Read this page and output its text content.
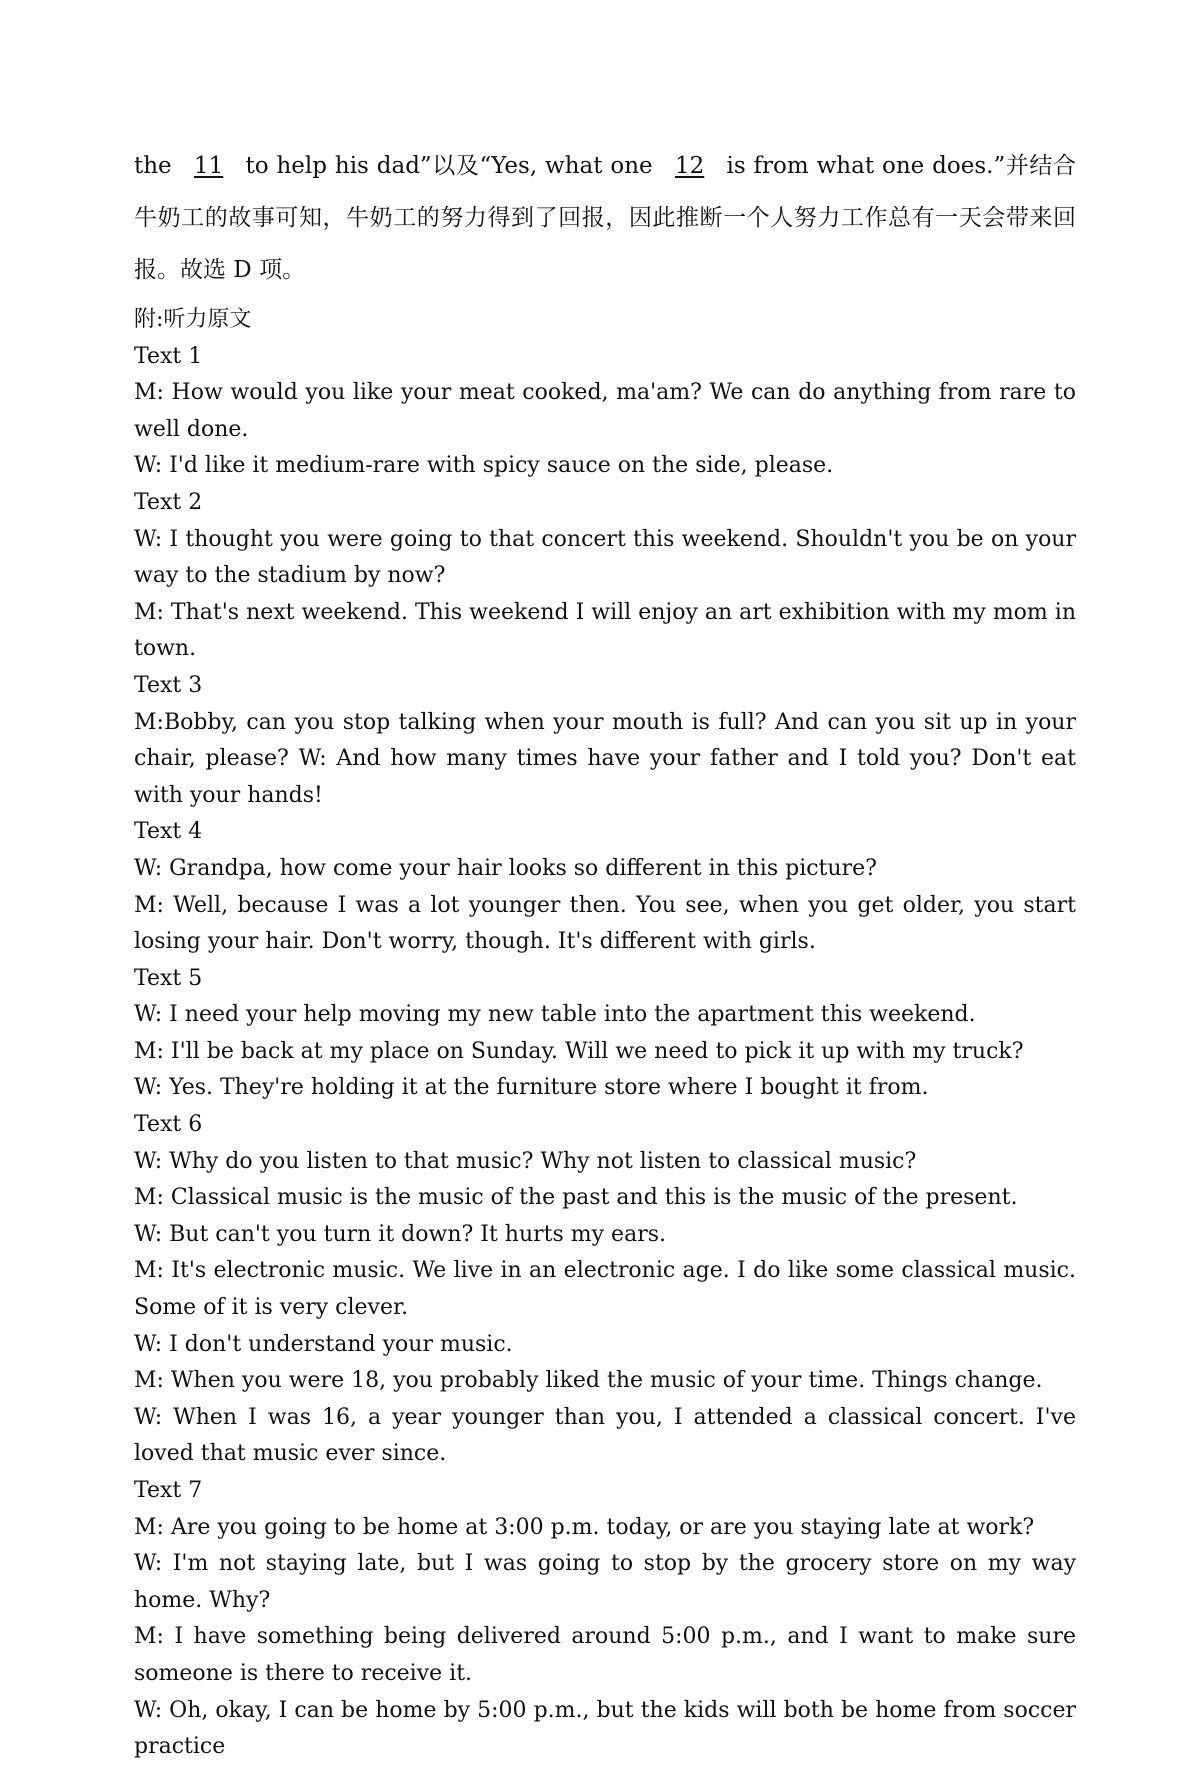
the 11 to help his dad”以及“Yes, what one 12 is from what one does.”并结合牛奶工的故事可知，牛奶工的努力得到了回报，因此推断一个人努力工作总有一天会带来回报。故选 D 项。

附:听力原文

Text 1

M: How would you like your meat cooked, ma'am? We can do anything from rare to well done.

W: I'd like it medium-rare with spicy sauce on the side, please.

Text 2

W: I thought you were going to that concert this weekend. Shouldn't you be on your way to the stadium by now?

M: That's next weekend. This weekend I will enjoy an art exhibition with my mom in town.

Text 3

M:Bobby, can you stop talking when your mouth is full? And can you sit up in your chair, please? W: And how many times have your father and I told you? Don't eat with your hands!

Text 4

W: Grandpa, how come your hair looks so different in this picture?

M: Well, because I was a lot younger then. You see, when you get older, you start losing your hair. Don't worry, though. It's different with girls.

Text 5

W: I need your help moving my new table into the apartment this weekend.

M: I'll be back at my place on Sunday. Will we need to pick it up with my truck?

W: Yes. They're holding it at the furniture store where I bought it from.

Text 6

W: Why do you listen to that music? Why not listen to classical music?

M: Classical music is the music of the past and this is the music of the present.

W: But can't you turn it down? It hurts my ears.

M: It's electronic music. We live in an electronic age. I do like some classical music. Some of it is very clever.

W: I don't understand your music.

M: When you were 18, you probably liked the music of your time. Things change.

W: When I was 16, a year younger than you, I attended a classical concert. I've loved that music ever since.

Text 7

M: Are you going to be home at 3:00 p.m. today, or are you staying late at work?

W: I'm not staying late, but I was going to stop by the grocery store on my way home. Why?

M: I have something being delivered around 5:00 p.m., and I want to make sure someone is there to receive it.

W: Oh, okay, I can be home by 5:00 p.m., but the kids will both be home from soccer practice
